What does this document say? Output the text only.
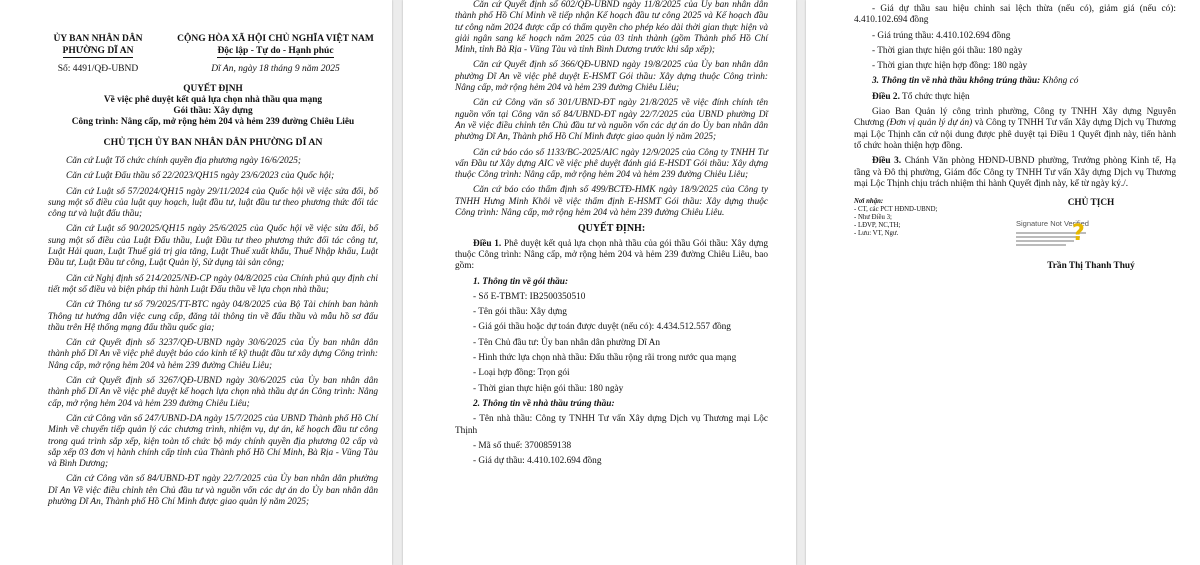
ỦY BAN NHÂN DÂN
PHƯỜNG DĨ AN
CỘNG HÒA XÃ HỘI CHỦ NGHĨA VIỆT NAM
Độc lập - Tự do - Hạnh phúc
Số: 4491/QĐ-UBND	Dĩ An, ngày 18 tháng 9 năm 2025
QUYẾT ĐỊNH
Về việc phê duyệt kết quả lựa chọn nhà thầu qua mạng
Gói thầu: Xây dựng
Công trình: Nâng cấp, mở rộng hẻm 204 và hẻm 239 đường Chiêu Liêu
CHỦ TỊCH ỦY BAN NHÂN DÂN PHƯỜNG DĨ AN

Căn cứ Luật Tổ chức chính quyền địa phương ngày 16/6/2025;

Căn cứ Luật Đấu thầu số 22/2023/QH15 ngày 23/6/2023 của Quốc hội;

Căn cứ Luật số 57/2024/QH15 ngày 29/11/2024 của Quốc hội về việc sửa đổi, bổ sung một số điều của luật quy hoạch, luật đầu tư, luật đầu tư theo phương thức đối tác công tư và luật đấu thầu;

Căn cứ Luật số 90/2025/QH15 ngày 25/6/2025 của Quốc hội về việc sửa đổi, bổ sung một số điều của Luật Đấu thầu, Luật Đầu tư theo phương thức đối tác công tư, Luật Hải quan, Luật Thuế giá trị gia tăng, Luật Thuế xuất khẩu, Thuế Nhập khẩu, Luật Đầu tư, Luật Đầu tư công, Luật Quản lý, Sử dụng tài sản công;

Căn cứ Nghị định số 214/2025/NĐ-CP ngày 04/8/2025 của Chính phủ quy định chi tiết một số điều và biện pháp thi hành Luật Đấu thầu về lựa chọn nhà thầu;

Căn cứ Thông tư số 79/2025/TT-BTC ngày 04/8/2025 của Bộ Tài chính ban hành Thông tư hướng dẫn việc cung cấp, đăng tải thông tin về đấu thầu và mẫu hồ sơ đấu thầu trên Hệ thống mạng đấu thầu quốc gia;

Căn cứ Quyết định số 3237/QĐ-UBND ngày 30/6/2025 của Ủy ban nhân dân thành phố Dĩ An về việc phê duyệt báo cáo kinh tế kỹ thuật đầu tư xây dựng Công trình: Nâng cấp, mở rộng hẻm 204 và hẻm 239 đường Chiêu Liêu;

Căn cứ Quyết định số 3267/QĐ-UBND ngày 30/6/2025 của Ủy ban nhân dân thành phố Dĩ An về việc phê duyệt kế hoạch lựa chọn nhà thầu dự án Công trình: Nâng cấp, mở rộng hẻm 204 và hẻm 239 đường Chiêu Liêu;

Căn cứ Công văn số 247/UBND-DA ngày 15/7/2025 của UBND Thành phố Hồ Chí Minh về chuyển tiếp quản lý các chương trình, nhiệm vụ, dự án, kế hoạch đầu tư công trong quá trình sắp xếp, kiện toàn tổ chức bộ máy chính quyền địa phương 02 cấp và sắp xếp 03 đơn vị hành chính cấp tỉnh của Thành phố Hồ Chí Minh, Bà Rịa - Vũng Tàu và Bình Dương;

Căn cứ Công văn số 84/UBND-ĐT ngày 22/7/2025 của Ủy ban nhân dân phường Dĩ An Về việc điều chỉnh tên Chủ đầu tư và nguồn vốn các dự án do Ủy ban nhân dân phường Dĩ An, Thành phố Hồ Chí Minh được giao quản lý năm 2025;

Căn cứ Quyết định số 602/QĐ-UBND ngày 11/8/2025 của Ủy ban nhân dân thành phố Hồ Chí Minh về tiếp nhận Kế hoạch đầu tư công 2025 và Kế hoạch đầu tư công năm 2024 được cấp có thẩm quyền cho phép kéo dài thời gian thực hiện và giải ngân sang kế hoạch năm 2025 của 03 tỉnh thành (gồm Thành phố Hồ Chí Minh, tỉnh Bà Rịa - Vũng Tàu và tỉnh Bình Dương trước khi sắp xếp);

Căn cứ Quyết định số 366/QĐ-UBND ngày 19/8/2025 của Ủy ban nhân dân phường Dĩ An về việc phê duyệt E-HSMT Gói thầu: Xây dựng thuộc Công trình: Nâng cấp, mở rộng hẻm 204 và hẻm 239 đường Chiêu Liêu;

Căn cứ Công văn số 301/UBND-ĐT ngày 21/8/2025 về việc đính chính tên nguồn vốn tại Công văn số 84/UBND-ĐT ngày 22/7/2025 của UBND phường Dĩ An về việc điều chỉnh tên Chủ đầu tư và nguồn vốn các dự án do Ủy ban nhân dân phường Dĩ An, Thành phố Hồ Chí Minh được giao quản lý năm 2025;

Căn cứ báo cáo số 1133/BC-2025/AIC ngày 12/9/2025 của Công ty TNHH Tư vấn Đầu tư Xây dựng AIC về việc phê duyệt đánh giá E-HSDT Gói thầu: Xây dựng thuộc Công trình: Nâng cấp, mở rộng hẻm 204 và hẻm 239 đường Chiêu Liêu;

Căn cứ báo cáo thẩm định số 499/BCTĐ-HMK ngày 18/9/2025 của Công ty TNHH Hưng Minh Khôi về việc thẩm định E-HSMT Gói thầu: Xây dựng thuộc Công trình: Nâng cấp, mở rộng hẻm 204 và hẻm 239 đường Chiêu Liêu.

QUYẾT ĐỊNH:

Điều 1. Phê duyệt kết quả lựa chọn nhà thầu của gói thầu Gói thầu: Xây dựng thuộc Công trình: Nâng cấp, mở rộng hẻm 204 và hẻm 239 đường Chiêu Liêu, bao gồm:

1. Thông tin về gói thầu:

- Số E-TBMT: IB2500350510

- Tên gói thầu: Xây dựng

- Giá gói thầu hoặc dự toán được duyệt (nếu có): 4.434.512.557 đồng

- Tên Chủ đầu tư: Ủy ban nhân dân phường Dĩ An

- Hình thức lựa chọn nhà thầu: Đấu thầu rộng rãi trong nước qua mạng

- Loại hợp đồng: Trọn gói

- Thời gian thực hiện gói thầu: 180 ngày

2. Thông tin về nhà thầu trúng thầu:

- Tên nhà thầu: Công ty TNHH Tư vấn Xây dựng Dịch vụ Thương mại Lộc Thịnh

- Mã số thuế: 3700859138

- Giá dự thầu: 4.410.102.694 đồng

- Giá dự thầu sau hiệu chỉnh sai lệch thừa (nếu có), giảm giá (nếu có): 4.410.102.694 đồng

- Giá trúng thầu: 4.410.102.694 đồng

- Thời gian thực hiện gói thầu: 180 ngày

- Thời gian thực hiện hợp đồng: 180 ngày

3. Thông tin về nhà thầu không trúng thầu: Không có

Điều 2. Tổ chức thực hiện

Giao Ban Quản lý công trình phường, Công ty TNHH Xây dựng Nguyễn Chương (Đơn vị quản lý dự án) và Công ty TNHH Tư vấn Xây dựng Dịch vụ Thương mại Lộc Thịnh căn cứ nội dung được phê duyệt tại Điều 1 Quyết định này, tiến hành tổ chức hoàn thiện hợp đồng.

Điều 3. Chánh Văn phòng HĐND-UBND phường, Trưởng phòng Kinh tế, Hạ tầng và Đô thị phường, Giám đốc Công ty TNHH Tư vấn Xây dựng Dịch vụ Thương mại Lộc Thịnh chịu trách nhiệm thi hành Quyết định này, kể từ ngày ký./.

Nơi nhận:
- CT, các PCT HĐND-UBND;
- Như Điều 3;
- LĐVP, NC,TH;
- Lưu: VT, Ngư.
CHỦ TỊCH
Signature Not Verified
?
Trần Thị Thanh Thuý
